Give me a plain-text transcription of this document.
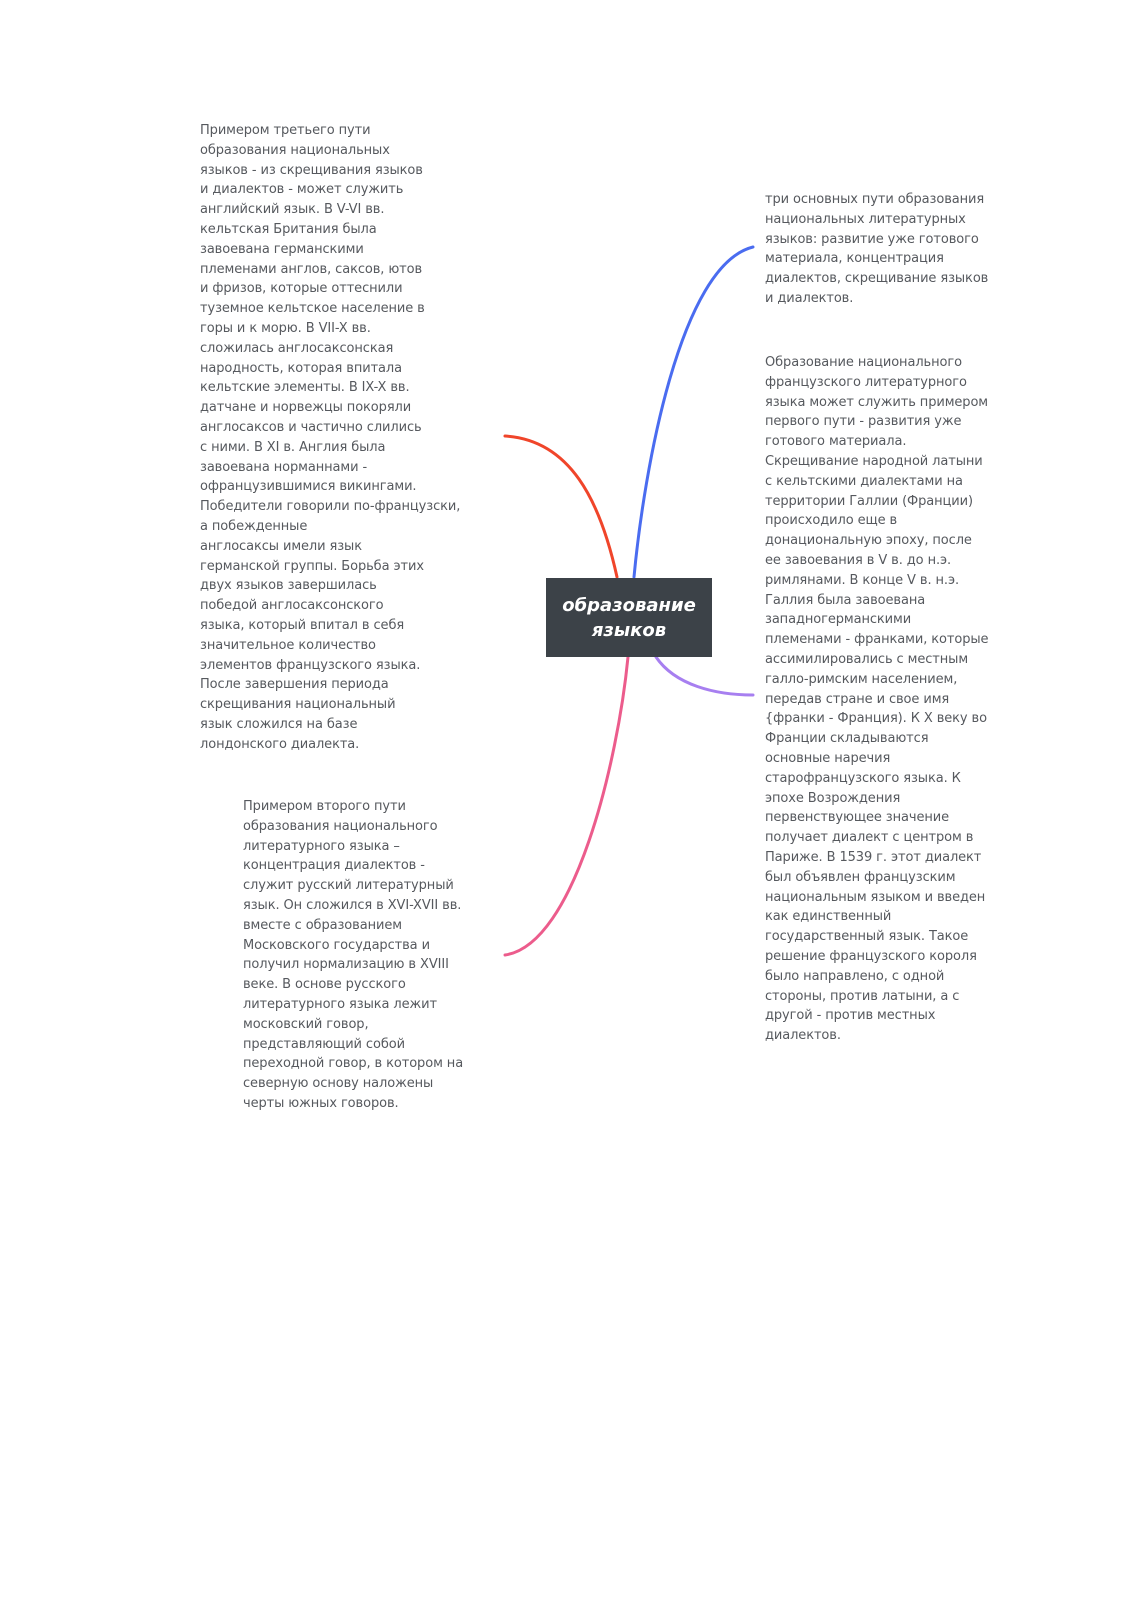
образование
языков
Примером третьего пути
образования национальных
языков - из скрещивания языков
и диалектов - может служить
английский язык. В V-VI вв.
кельтская Британия была
завоевана германскими
племенами англов, саксов, ютов
и фризов, которые оттеснили
туземное кельтское население в
горы и к морю. В VII-X вв.
сложилась англосаксонская
народность, которая впитала
кельтские элементы. В IX-X вв.
датчане и норвежцы покоряли
англосаксов и частично слились
с ними. В XI в. Англия была
завоевана норманнами -
офранцузившимися викингами.
Победители говорили по-французски,
а побежденные
англосаксы имели язык
германской группы. Борьба этих
двух языков завершилась
победой англосаксонского
языка, который впитал в себя
значительное количество
элементов французского языка.
После завершения периода
скрещивания национальный
язык сложился на базе
лондонского диалекта.
Примером второго пути
образования национального
литературного языка –
концентрация диалектов -
служит русский литературный
язык. Он сложился в XVI-XVII вв.
вместе с образованием
Московского государства и
получил нормализацию в XVIII
веке. В основе русского
литературного языка лежит
московский говор,
представляющий собой
переходной говор, в котором на
северную основу наложены
черты южных говоров.
три основных пути образования
национальных литературных
языков: развитие уже готового
материала, концентрация
диалектов, скрещивание языков
и диалектов.
Образование национального
французского литературного
языка может служить примером
первого пути - развития уже
готового материала.
Скрещивание народной латыни
с кельтскими диалектами на
территории Галлии (Франции)
происходило еще в
донациональную эпоху, после
ее завоевания в V в. до н.э.
римлянами. В конце V в. н.э.
Галлия была завоевана
западногерманскими
племенами - франками, которые
ассимилировались с местным
галло-римским населением,
передав стране и свое имя
{франки - Франция). К X веку во
Франции складываются
основные наречия
старофранцузского языка. К
эпохе Возрождения
первенствующее значение
получает диалект с центром в
Париже. В 1539 г. этот диалект
был объявлен французским
национальным языком и введен
как единственный
государственный язык. Такое
решение французского короля
было направлено, с одной
стороны, против латыни, а с
другой - против местных
диалектов.
